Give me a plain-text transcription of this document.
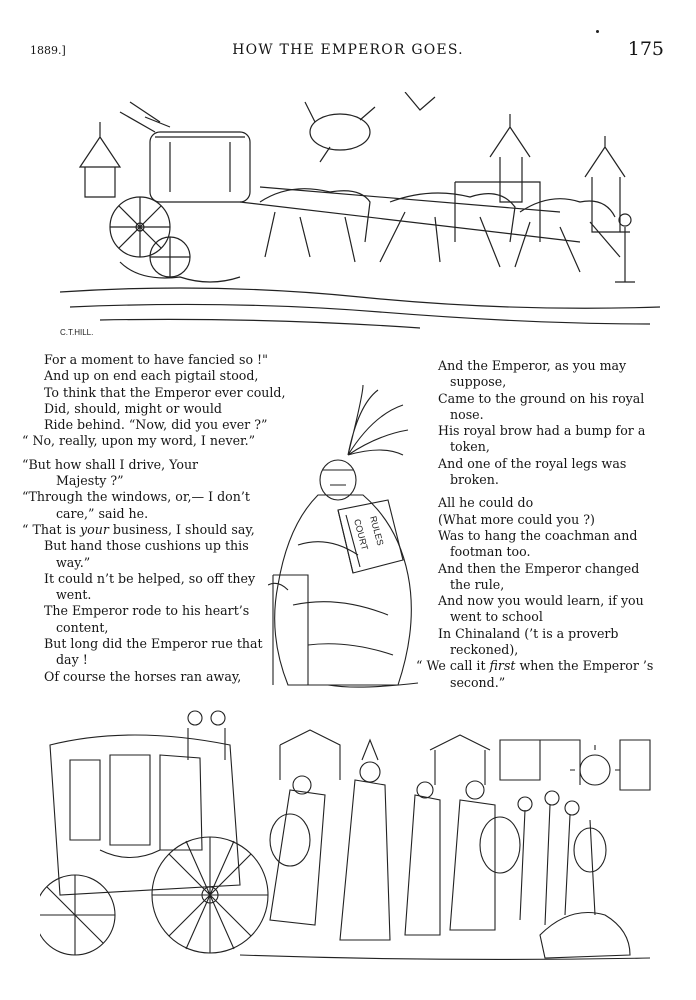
1889.]	HOW THE EMPEROR GOES.	175
C.T.HILL.
For a moment to have fancied so !"
And up on end each pigtail stood,
To think that the Emperor ever could,
Did, should, might or would
Ride behind. “Now, did you ever ?”
“ No, really, upon my word, I never.”
“But how shall I drive, Your
Majesty ?”
“Through the windows, or,— I don’t
care,” said he.
“ That is your business, I should say,
But hand those cushions up this
way.”
It could n’t be helped, so off they
went.
The Emperor rode to his heart’s
content,
But long did the Emperor rue that
day !
Of course the horses ran away,
COURT
RULES
And the Emperor, as you may
suppose,
Came to the ground on his royal
nose.
His royal brow had a bump for a
token,
And one of the royal legs was
broken.
All he could do
(What more could you ?)
Was to hang the coachman and
footman too.
And then the Emperor changed
the rule,
And now you would learn, if you
went to school
In Chinaland (’t is a proverb
reckoned),
“ We call it first when the Emperor ’s
second.”
